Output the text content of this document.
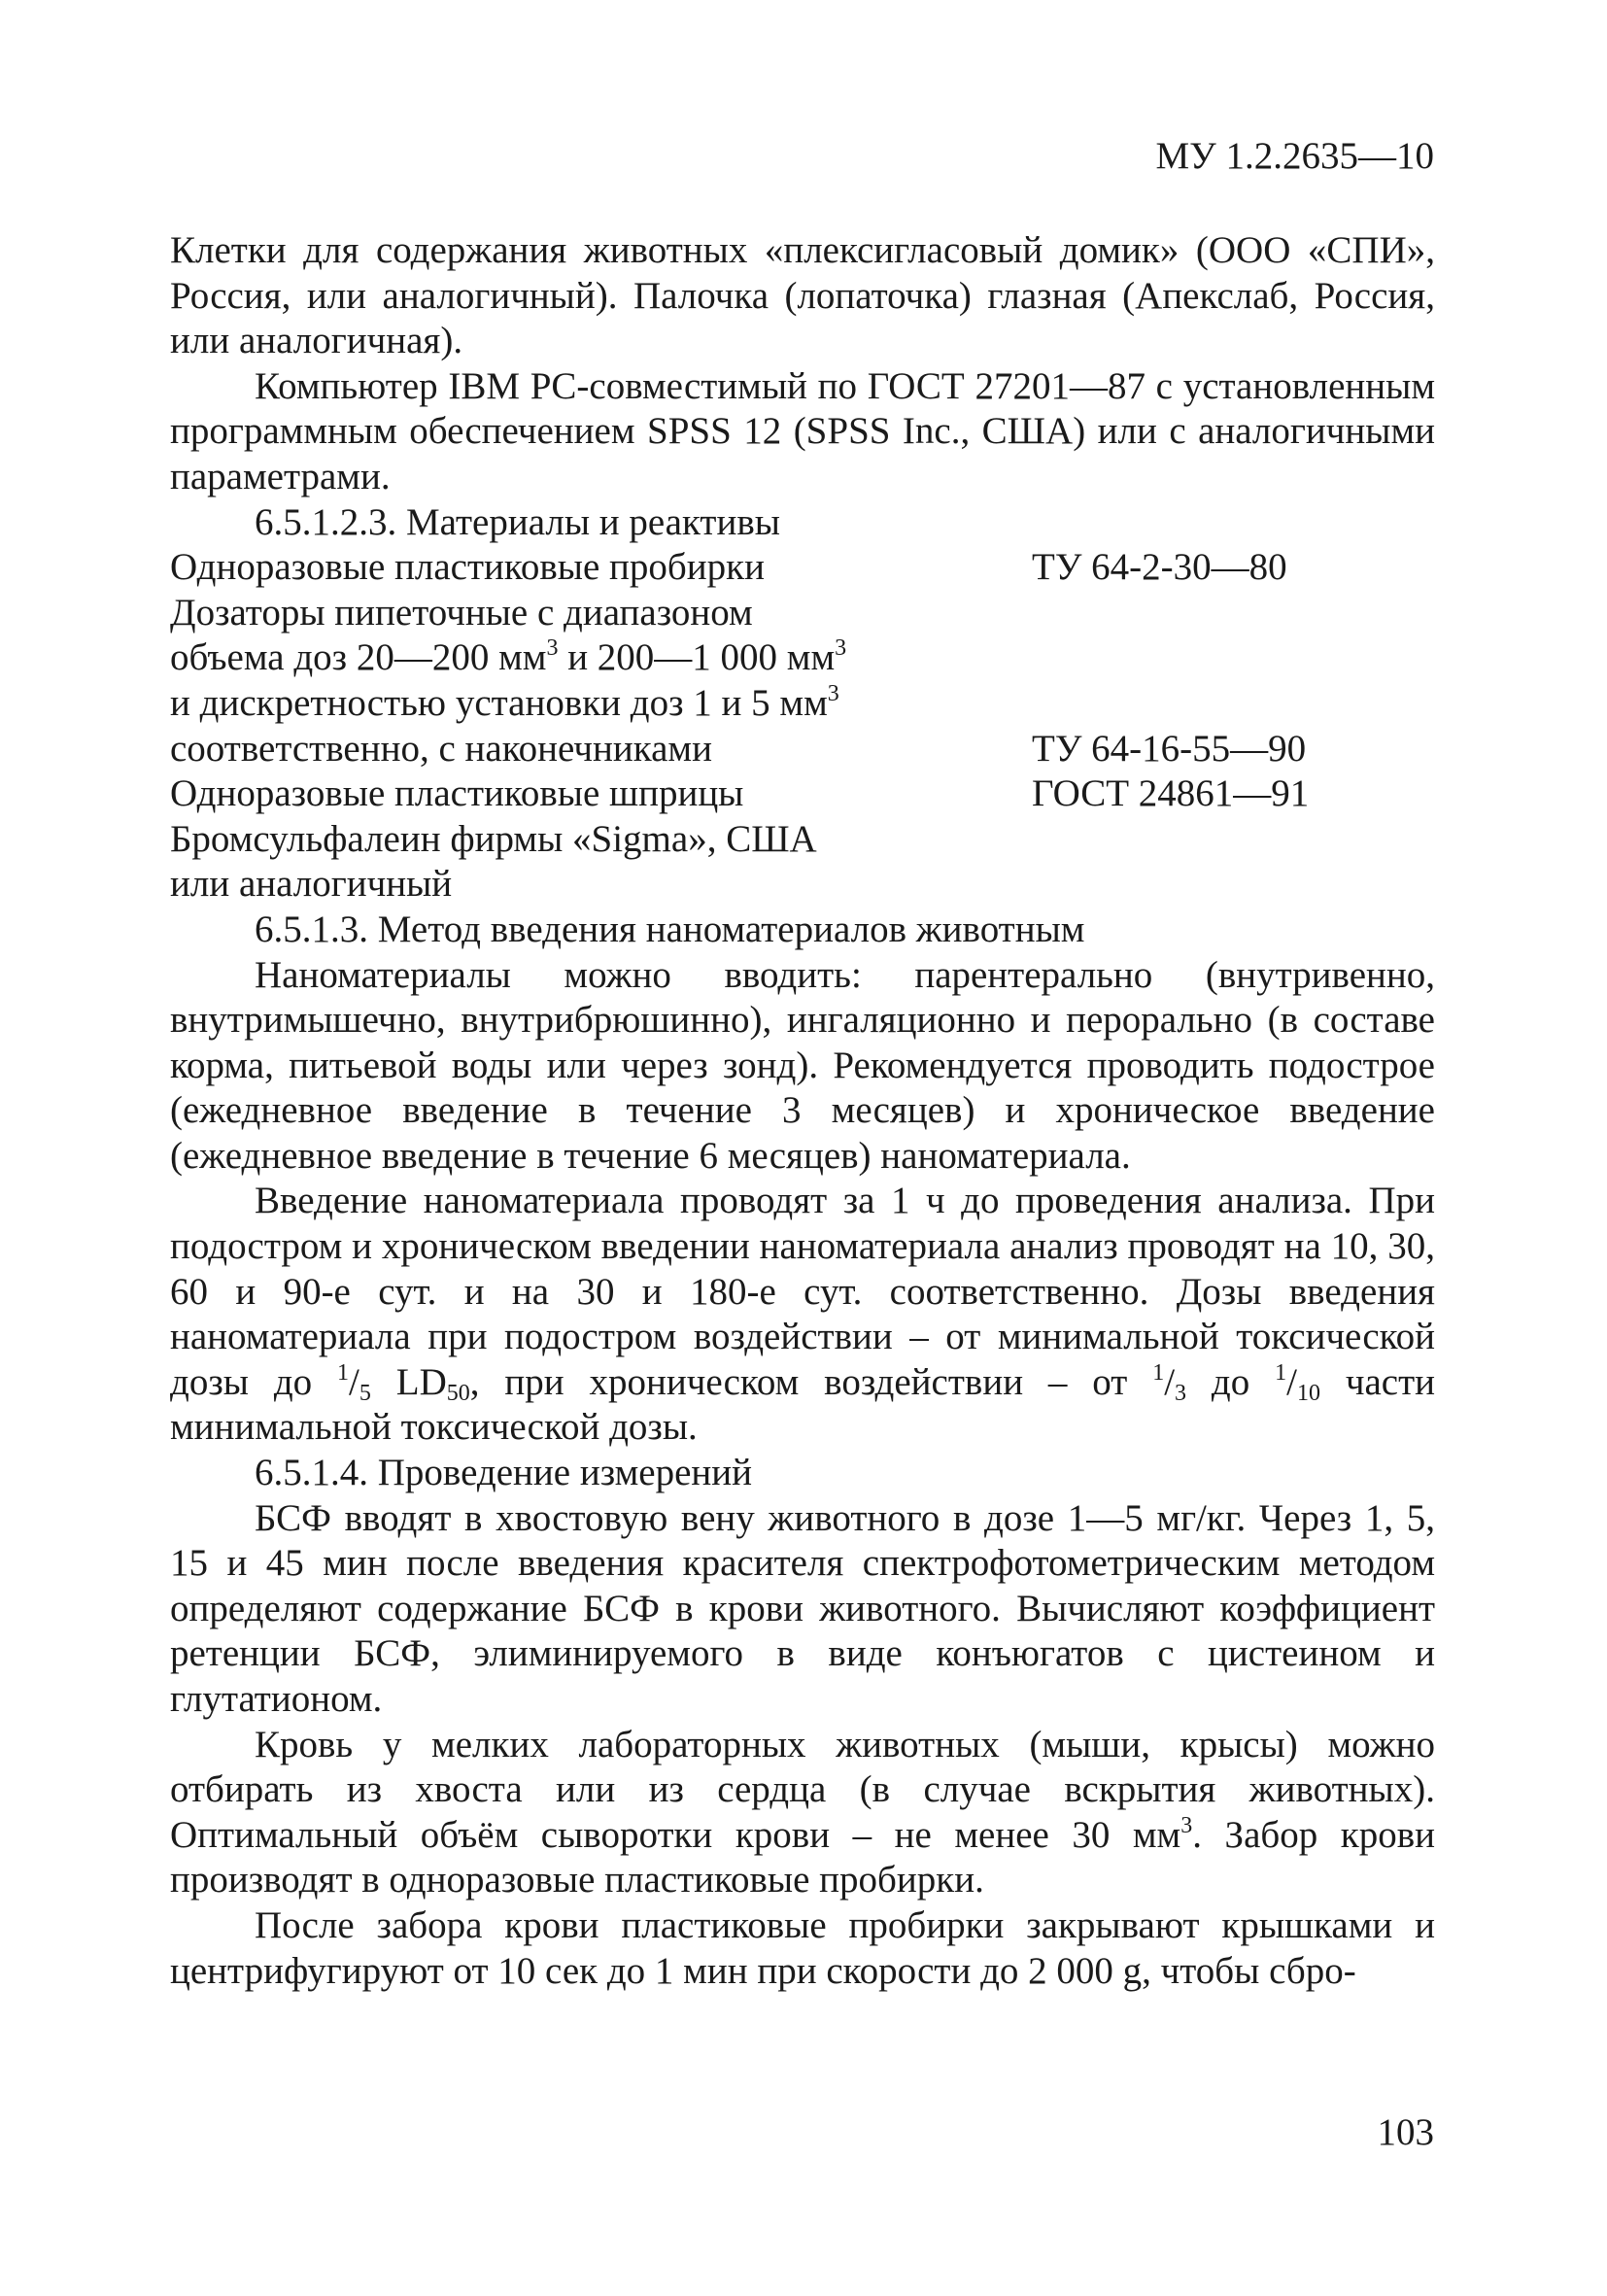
МУ 1.2.2635—10

Клетки для содержания животных «плексигласовый домик» (ООО «СПИ», Россия, или аналогичный). Палочка (лопаточка) глазная (Апекслаб, Россия, или аналогичная).

Компьютер IBM PC-совместимый по ГОСТ 27201—87 с установленным программным обеспечением SPSS 12 (SPSS Inc., США) или с аналогичными параметрами.

6.5.1.2.3. Материалы и реактивы

Одноразовые пластиковые пробирки	ТУ 64-2-30—80
Дозаторы пипеточные с диапазоном
объема доз 20—200 $мм^3$ и 200—1 000 $мм^3$
и дискретностью установки доз 1 и 5 $мм^3$
соответственно, с наконечниками	ТУ 64-16-55—90
Одноразовые пластиковые шприцы	ГОСТ 24861—91
Бромсульфалеин фирмы «Sigma», США
или аналогичный

6.5.1.3. Метод введения наноматериалов животным

Наноматериалы можно вводить: парентерально (внутривенно, внутримышечно, внутрибрюшинно), ингаляционно и перорально (в составе корма, питьевой воды или через зонд). Рекомендуется проводить подострое (ежедневное введение в течение 3 месяцев) и хроническое введение (ежедневное введение в течение 6 месяцев) наноматериала.

Введение наноматериала проводят за 1 ч до проведения анализа. При подостром и хроническом введении наноматериала анализ проводят на 10, 30, 60 и 90-е сут. и на 30 и 180-е сут. соответственно. Дозы введения наноматериала при подостром воздействии – от минимальной токсической дозы до $^1/_5$ $LD_{50}$, при хроническом воздействии – от $^1/_3$ до $^1/_{10}$ части минимальной токсической дозы.

6.5.1.4. Проведение измерений

БСФ вводят в хвостовую вену животного в дозе 1—5 мг/кг. Через 1, 5, 15 и 45 мин после введения красителя спектрофотометрическим методом определяют содержание БСФ в крови животного. Вычисляют коэффициент ретенции БСФ, элиминируемого в виде конъюгатов с цистеином и глутатионом.

Кровь у мелких лабораторных животных (мыши, крысы) можно отбирать из хвоста или из сердца (в случае вскрытия животных). Оптимальный объём сыворотки крови – не менее 30 $мм^3$. Забор крови производят в одноразовые пластиковые пробирки.

После забора крови пластиковые пробирки закрывают крышками и центрифугируют от 10 сек до 1 мин при скорости до 2 000 g, чтобы сбро-

103
